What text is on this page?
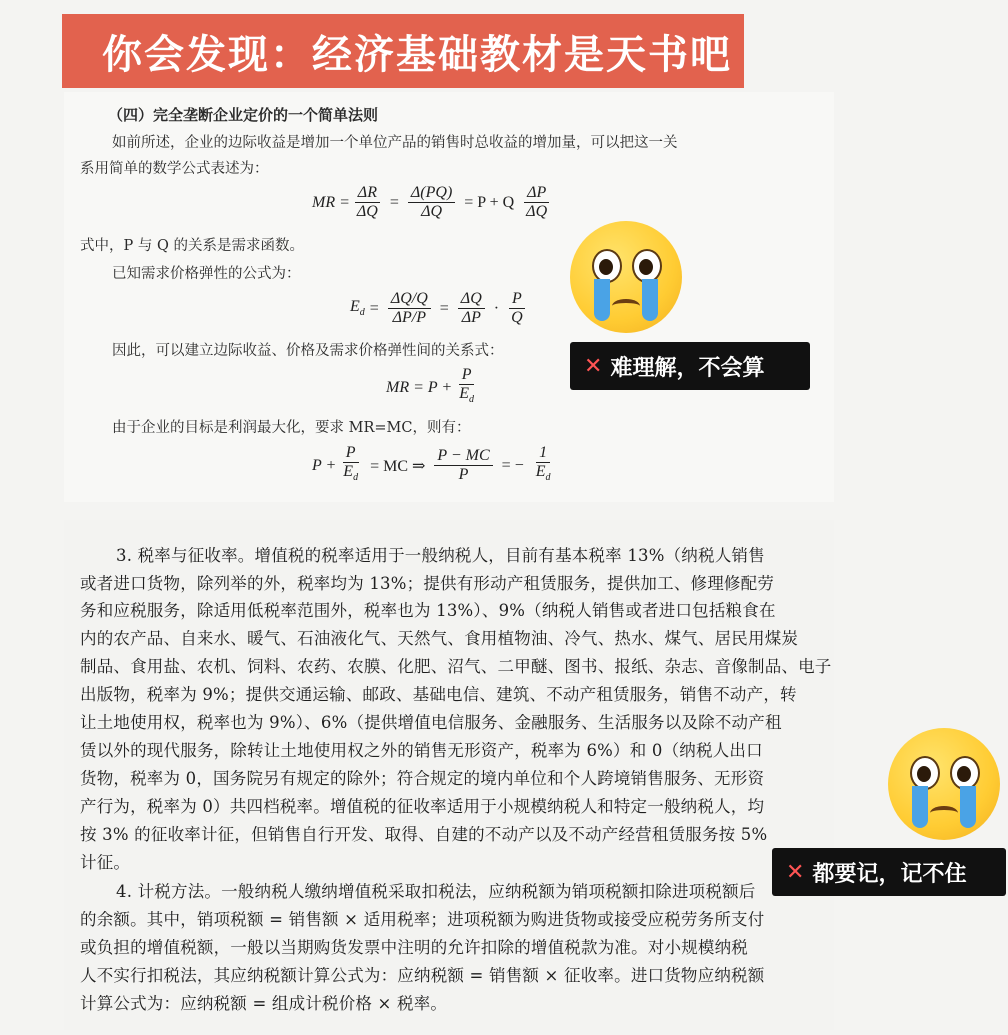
你会发现：经济基础教材是天书吧
（四）完全垄断企业定价的一个简单法则
如前所述，企业的边际收益是增加一个单位产品的销售时总收益的增加量，可以把这一关
系用简单的数学公式表述为：
MR = $\frac{\Delta R}{\Delta Q} = \frac{\Delta(PQ)}{\Delta Q} = P + Q \frac{\Delta P}{\Delta Q}$
式中，P 与 Q 的关系是需求函数。
已知需求价格弹性的公式为：
$E_d = \frac{\Delta Q/Q}{\Delta P/P} = \frac{\Delta Q}{\Delta P} \cdot \frac{P}{Q}$
因此，可以建立边际收益、价格及需求价格弹性间的关系式：
MR = $P + \frac{P}{E_d}$
由于企业的目标是利润最大化，要求 MR=MC，则有：
$P + \frac{P}{E_d}$ = MC ⇒ $\frac{P - MC}{P}$ = − $\frac{1}{E_d}$
✕ 难理解，不会算
3. 税率与征收率。增值税的税率适用于一般纳税人，目前有基本税率 13%（纳税人销售
或者进口货物，除列举的外，税率均为 13%；提供有形动产租赁服务，提供加工、修理修配劳
务和应税服务，除适用低税率范围外，税率也为 13%）、9%（纳税人销售或者进口包括粮食在
内的农产品、自来水、暖气、石油液化气、天然气、食用植物油、冷气、热水、煤气、居民用煤炭
制品、食用盐、农机、饲料、农药、农膜、化肥、沼气、二甲醚、图书、报纸、杂志、音像制品、电子
出版物，税率为 9%；提供交通运输、邮政、基础电信、建筑、不动产租赁服务，销售不动产，转
让土地使用权，税率也为 9%）、6%（提供增值电信服务、金融服务、生活服务以及除不动产租
赁以外的现代服务，除转让土地使用权之外的销售无形资产，税率为 6%）和 0（纳税人出口
货物，税率为 0，国务院另有规定的除外；符合规定的境内单位和个人跨境销售服务、无形资
产行为，税率为 0）共四档税率。增值税的征收率适用于小规模纳税人和特定一般纳税人，均
按 3% 的征收率计征，但销售自行开发、取得、自建的不动产以及不动产经营租赁服务按 5%
计征。
4. 计税方法。一般纳税人缴纳增值税采取扣税法，应纳税额为销项税额扣除进项税额后
的余额。其中，销项税额 = 销售额 × 适用税率；进项税额为购进货物或接受应税劳务所支付
或负担的增值税额，一般以当期购货发票中注明的允许扣除的增值税款为准。对小规模纳税
人不实行扣税法，其应纳税额计算公式为：应纳税额 = 销售额 × 征收率。进口货物应纳税额
计算公式为：应纳税额 = 组成计税价格 × 税率。
✕ 都要记，记不住
